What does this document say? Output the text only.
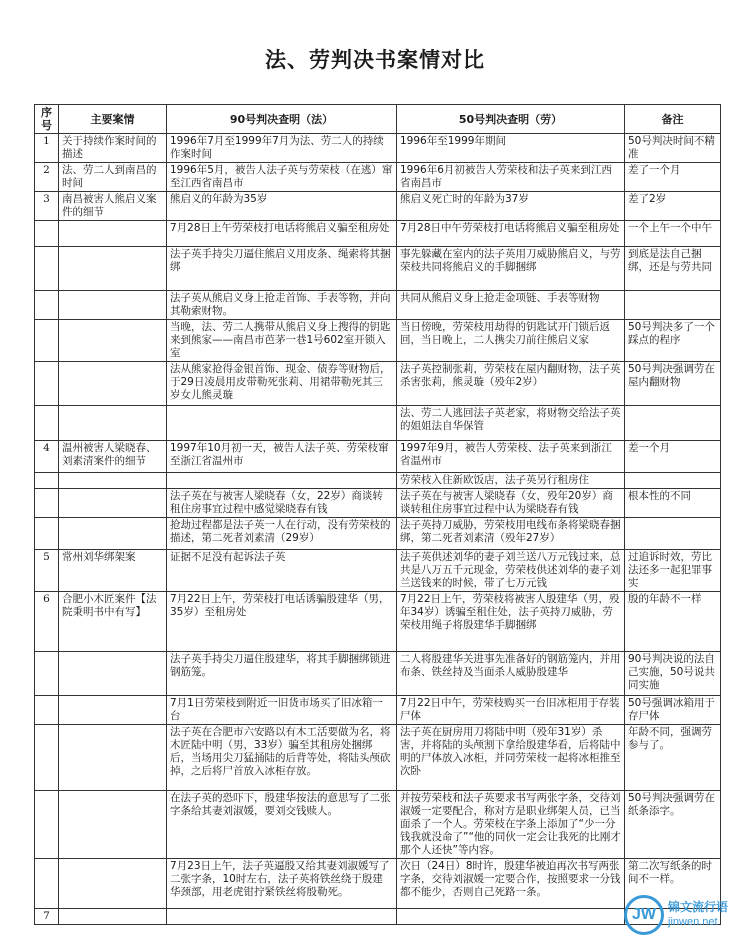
法、劳判决书案情对比
序号	主要案情	90号判决查明（法）	50号判决查明（劳）	备注
1	关于持续作案时间的描述	1996年7月至1999年7月为法、劳二人的持续作案时间	1996年至1999年期间	50号判决时间不精准
2	法、劳二人到南昌的时间	1996年5月，被告人法子英与劳荣枝（在逃）窜至江西省南昌市	1996年6月初被告人劳荣枝和法子英来到江西省南昌市	差了一个月
3	南昌被害人熊启义案件的细节	熊启义的年龄为35岁	熊启义死亡时的年龄为37岁	差了2岁
		7月28日上午劳荣枝打电话将熊启义骗至租房处	7月28日中午劳荣枝打电话将熊启义骗至租房处	一个上午一个中午
		法子英手持尖刀逼住熊启义用皮条、绳索将其捆绑	事先躲藏在室内的法子英用刀威胁熊启义，与劳荣枝共同将熊启义的手脚捆绑	到底是法自己捆绑，还是与劳共同
		法子英从熊启义身上抢走首饰、手表等物，并向其勒索财物。	共同从熊启义身上抢走金项链、手表等财物	
		当晚，法、劳二人携带从熊启义身上搜得的钥匙来到熊家——南昌市芭茅一巷1号602室开锁入室	当日傍晚，劳荣枝用劫得的钥匙试开门锁后返回，当日晚上，二人携尖刀前往熊启义家	50号判决多了一个踩点的程序
		法从熊家抢得金银首饰、现金、债券等财物后，于29日凌晨用皮带勒死张莉、用裙带勒死其三岁女儿熊灵璇	法子英控制张莉，劳荣枝在屋内翻财物，法子英杀害张莉，熊灵璇（殁年2岁）	50号判决强调劳在屋内翻财物
			法、劳二人逃回法子英老家，将财物交给法子英的姐姐法自华保管	
4	温州被害人梁晓春、刘素清案件的细节	1997年10月初一天，被告人法子英、劳荣枝窜至浙江省温州市	1997年9月，被告人劳荣枝、法子英来到浙江省温州市	差一个月
			劳荣枝入住新欧饭店，法子英另行租房住	
		法子英在与被害人梁晓春（女，22岁）商谈转租住房事宜过程中感觉梁晓春有钱	法子英在与被害人梁晓春（女，殁年20岁）商谈转租住房事宜过程中认为梁晓春有钱	根本性的不同
		抢劫过程都是法子英一人在行动，没有劳荣枝的描述，第二死者刘素清（29岁）	法子英持刀威胁，劳荣枝用电线布条将梁晓春捆绑，第二死者刘素清（殁年27岁）	
5	常州刘华绑架案	证据不足没有起诉法子英	法子英供述刘华的妻子刘兰送八万元钱过来，总共是八万五千元现金，劳荣枝供述刘华的妻子刘兰送钱来的时候，带了七万元钱	过追诉时效，劳比法还多一起犯罪事实
6	合肥小木匠案件【法院秉明书中有写】	7月22日上午，劳荣枝打电话诱骗殷建华（男，35岁）至租房处	7月22日上午，劳荣枝将被害人殷建华（男，殁年34岁）诱骗至租住处，法子英持刀威胁，劳荣枝用绳子将殷建华手脚捆绑	殷的年龄不一样
		法子英手持尖刀逼住殷建华，将其手脚捆绑锁进钢筋笼。	二人将殷建华关进事先准备好的钢筋笼内，并用布条、铁丝持及当面杀人威胁殷建华	90号判决说的法自己实施，50号说共同实施
		7月1日劳荣枝到附近一旧货市场买了旧冰箱一台	7月22日中午，劳荣枝购买一台旧冰柜用于存装尸体	50号强调冰箱用于存尸体
		法子英在合肥市六安路以有木工活要做为名，将木匠陆中明（男，33岁）骗至其租房处捆绑后，当场用尖刀猛捅陆的后背等处，将陆头颅砍掉，之后将尸首放入冰柜存放。	法子英在厨房用刀将陆中明（殁年31岁）杀害，并将陆的头颅割下拿给殷建华看，后将陆中明的尸体放入冰柜，并同劳荣枝一起将冰柜推至次卧	年龄不同，强调劳参与了。
		在法子英的恐吓下，殷建华按法的意思写了二张字条给其妻刘淑媛，要刘交钱赎人。	并按劳荣枝和法子英要求书写两张字条，交待刘淑媛一定要配合，称对方是职业绑架人员，已当面杀了一个人。劳荣枝在字条上添加了“少一分钱我就没命了”“他的同伙一定会让我死的比刚才那个人还快”等内容。	50号判决强调劳在纸条添字。
		7月23日上午，法子英逼殷又给其妻刘淑媛写了二张字条，10时左右，法子英将铁丝绕于殷建华颈部，用老虎钳拧紧铁丝将殷勒死。	次日（24日）8时许，殷建华被迫再次书写两张字条，交待刘淑媛一定要合作，按照要求一分钱都不能少，否则自己死路一条。	第二次写纸条的时间不一样。
7					JW	锦文流行语
jinwen.net
